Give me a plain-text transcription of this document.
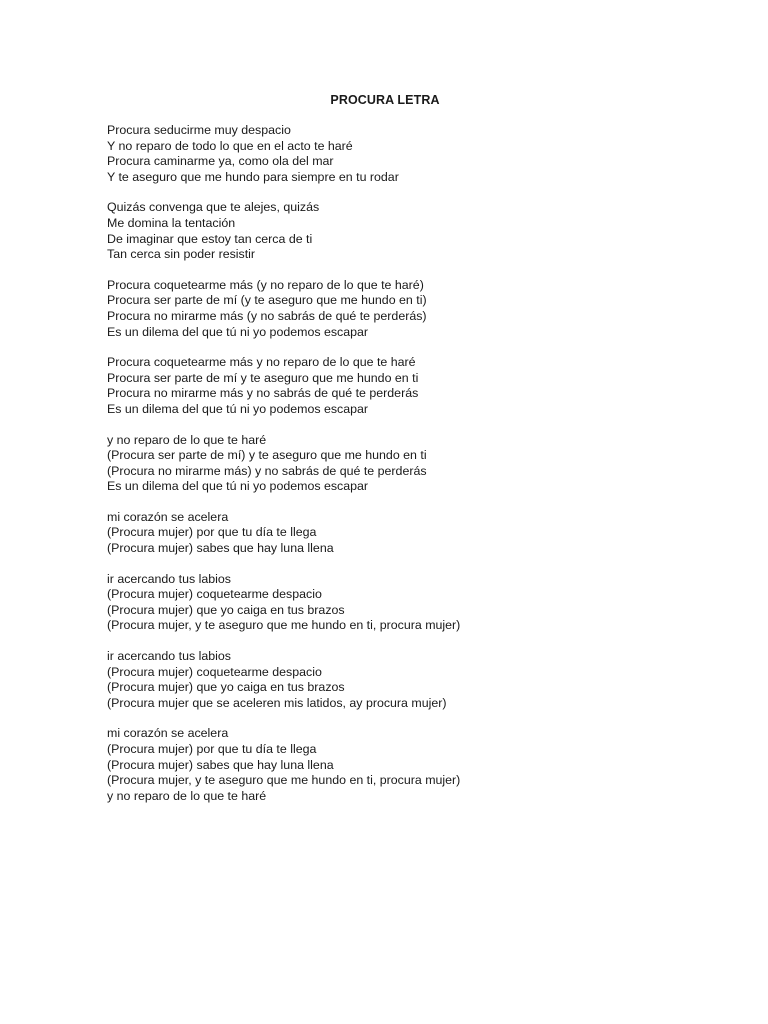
PROCURA LETRA
Procura seducirme muy despacio
Y no reparo de todo lo que en el acto te haré
Procura caminarme ya, como ola del mar
Y te aseguro que me hundo para siempre en tu rodar
Quizás convenga que te alejes, quizás
Me domina la tentación
De imaginar que estoy tan cerca de ti
Tan cerca sin poder resistir
Procura coquetearme más (y no reparo de lo que te haré)
Procura ser parte de mí (y te aseguro que me hundo en ti)
Procura no mirarme más (y no sabrás de qué te perderás)
Es un dilema del que tú ni yo podemos escapar
Procura coquetearme más y no reparo de lo que te haré
Procura ser parte de mí y te aseguro que me hundo en ti
Procura no mirarme más y no sabrás de qué te perderás
Es un dilema del que tú ni yo podemos escapar
y no reparo de lo que te haré
(Procura ser parte de mí) y te aseguro que me hundo en ti
(Procura no mirarme más) y no sabrás de qué te perderás
Es un dilema del que tú ni yo podemos escapar
mi corazón se acelera
(Procura mujer) por que tu día te llega
(Procura mujer) sabes que hay luna llena
ir acercando tus labios
(Procura mujer) coquetearme despacio
(Procura mujer) que yo caiga en tus brazos
(Procura mujer, y te aseguro que me hundo en ti, procura mujer)
ir acercando tus labios
(Procura mujer) coquetearme despacio
(Procura mujer) que yo caiga en tus brazos
(Procura mujer que se aceleren mis latidos, ay procura mujer)
mi corazón se acelera
(Procura mujer) por que tu día te llega
(Procura mujer) sabes que hay luna llena
(Procura mujer, y te aseguro que me hundo en ti, procura mujer)
y no reparo de lo que te haré
